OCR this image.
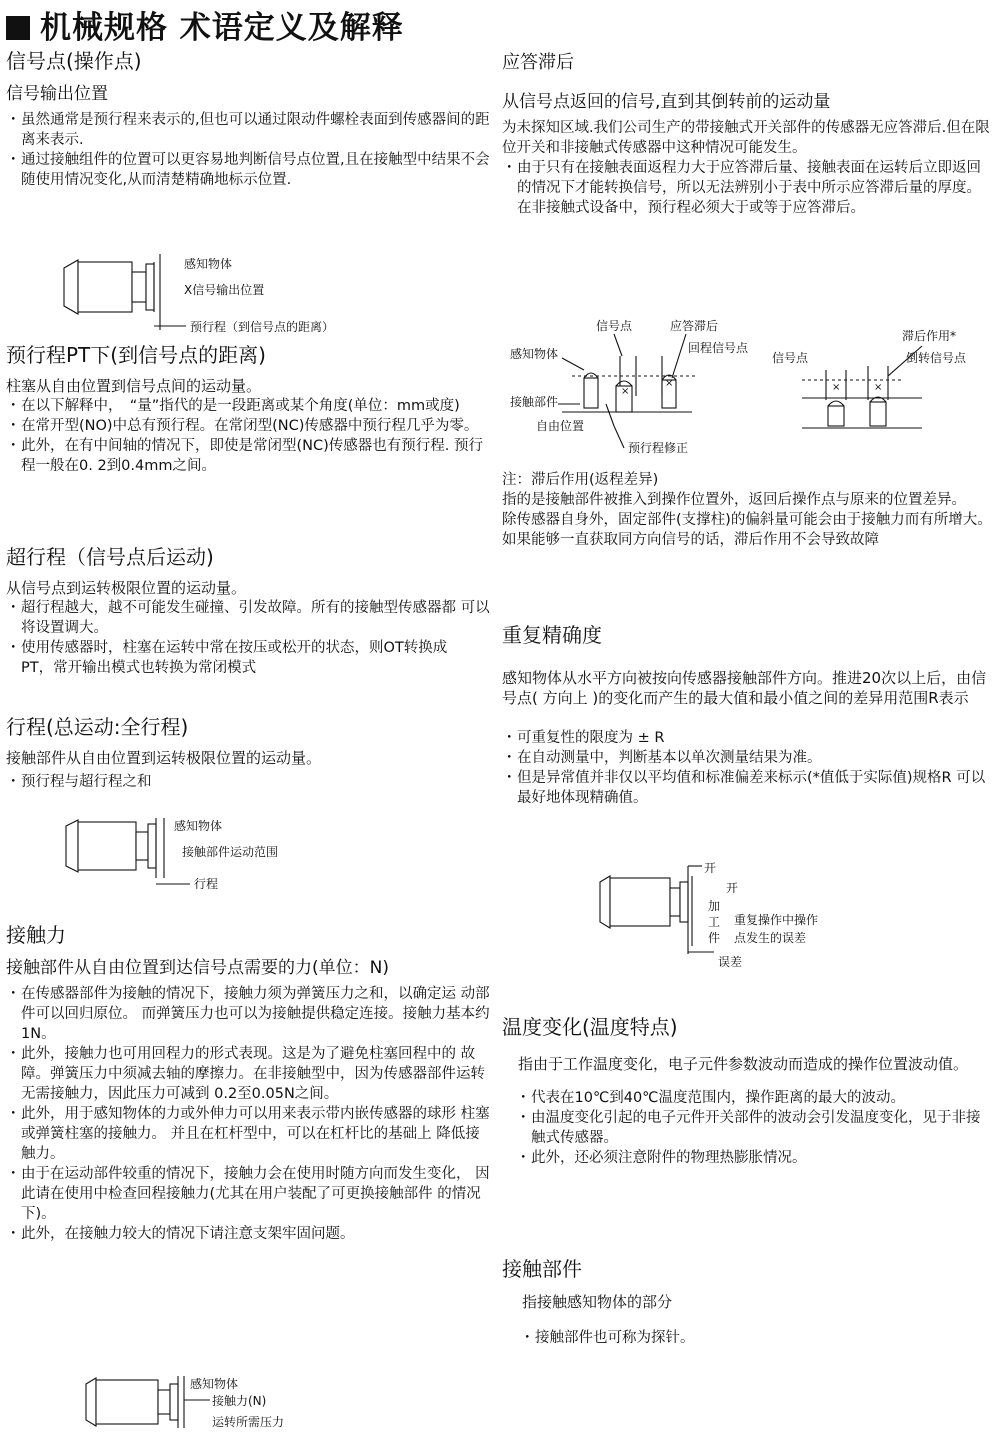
机械规格 术语定义及解释
信号点(操作点)
信号输出位置
・ 虽然通常是预行程来表示的,但也可以通过限动件螺栓表面到传感器间的距离来表示.
・ 通过接触组件的位置可以更容易地判断信号点位置,且在接触型中结果不会随使用情况变化,从而清楚精确地标示位置.
感知物体
X信号输出位置
预行程（到信号点的距离）
预行程PT下(到信号点的距离)

柱塞从自由位置到信号点间的运动量。

・ 在以下解释中，　“量”指代的是一段距离或某个角度(单位：mm或度)
・ 在常开型(NO)中总有预行程。在常闭型(NC)传感器中预行程几乎为零。
・ 此外，在有中间轴的情况下，即使是常闭型(NC)传感器也有预行程. 预行程一般在0. 2到0.4mm之间。
超行程（信号点后运动)

从信号点到运转极限位置的运动量。

・ 超行程越大，越不可能发生碰撞、引发故障。所有的接触型传感器都 可以将设置调大。
・ 使用传感器时，柱塞在运转中常在按压或松开的状态，则OT转换成　PT，常开输出模式也转换为常闭模式
行程(总运动:全行程)

接触部件从自由位置到运转极限位置的运动量。

・ 预行程与超行程之和
感知物体
接触部件运动范围
行程
接触力
接触部件从自由位置到达信号点需要的力(单位：N)
・ 在传感器部件为接触的情况下，接触力须为弹簧压力之和，以确定运 动部件可以回归原位。 而弹簧压力也可以为接触提供稳定连接。接触力基本约1N。
・ 此外，接触力也可用回程力的形式表现。这是为了避免柱塞回程中的 故障。弹簧压力中须减去轴的摩擦力。在非接触型中，因为传感器部件运转无需接触力，因此压力可减到 0.2至0.05N之间。
・ 此外，用于感知物体的力或外伸力可以用来表示带内嵌传感器的球形 柱塞或弹簧柱塞的接触力。 并且在杠杆型中，可以在杠杆比的基础上 降低接触力。
・ 由于在运动部件较重的情况下，接触力会在使用时随方向而发生变化， 因此请在使用中检查回程接触力(尤其在用户装配了可更换接触部件 的情况下)。
・ 此外，在接触力较大的情况下请注意支架牢固问题。
感知物体
接触力(N)
运转所需压力
应答滞后
从信号点返回的信号,直到其倒转前的运动量

为未探知区域.我们公司生产的带接触式开关部件的传感器无应答滞后.但在限位开关和非接触式传感器中这种情况可能发生。

・ 由于只有在接触表面返程力大于应答滞后量、接触表面在运转后立即返回的情况下才能转换信号，所以无法辨别小于表中所示应答滞后量的厚度。在非接触式设备中，预行程必须大于或等于应答滞后。
信号点	应答滞后
回程信号点
感知物体
接触部件
自由位置
预行程修正
×
×
滞后作用*
信号点	倒转信号点
×	×

注：滞后作用(返程差异)

指的是接触部件被推入到操作位置外，返回后操作点与原来的位置差异。

除传感器自身外，固定部件(支撑柱)的偏斜量可能会由于接触力而有所增大。如果能够一直获取同方向信号的话，滞后作用不会导致故障

重复精确度

感知物体从水平方向被按向传感器接触部件方向。推进20次以上后，由信号点( 方向上 )的变化而产生的最大值和最小值之间的差异用范围R表示

・ 可重复性的限度为 ± R
・ 在自动测量中，判断基本以单次测量结果为准。
・ 但是异常值并非仅以平均值和标准偏差来标示(*值低于实际值)规格R 可以最好地体现精确值。
开
开
加
工
件
重复操作中操作
点发生的误差
误差
温度变化(温度特点)

指由于工作温度变化，电子元件参数波动而造成的操作位置波动值。

・ 代表在10℃到40℃温度范围内，操作距离的最大的波动。
・ 由温度变化引起的电子元件开关部件的波动会引发温度变化，见于非接触式传感器。
・ 此外，还必须注意附件的物理热膨胀情况。
接触部件

指接触感知物体的部分

・ 接触部件也可称为探针。
